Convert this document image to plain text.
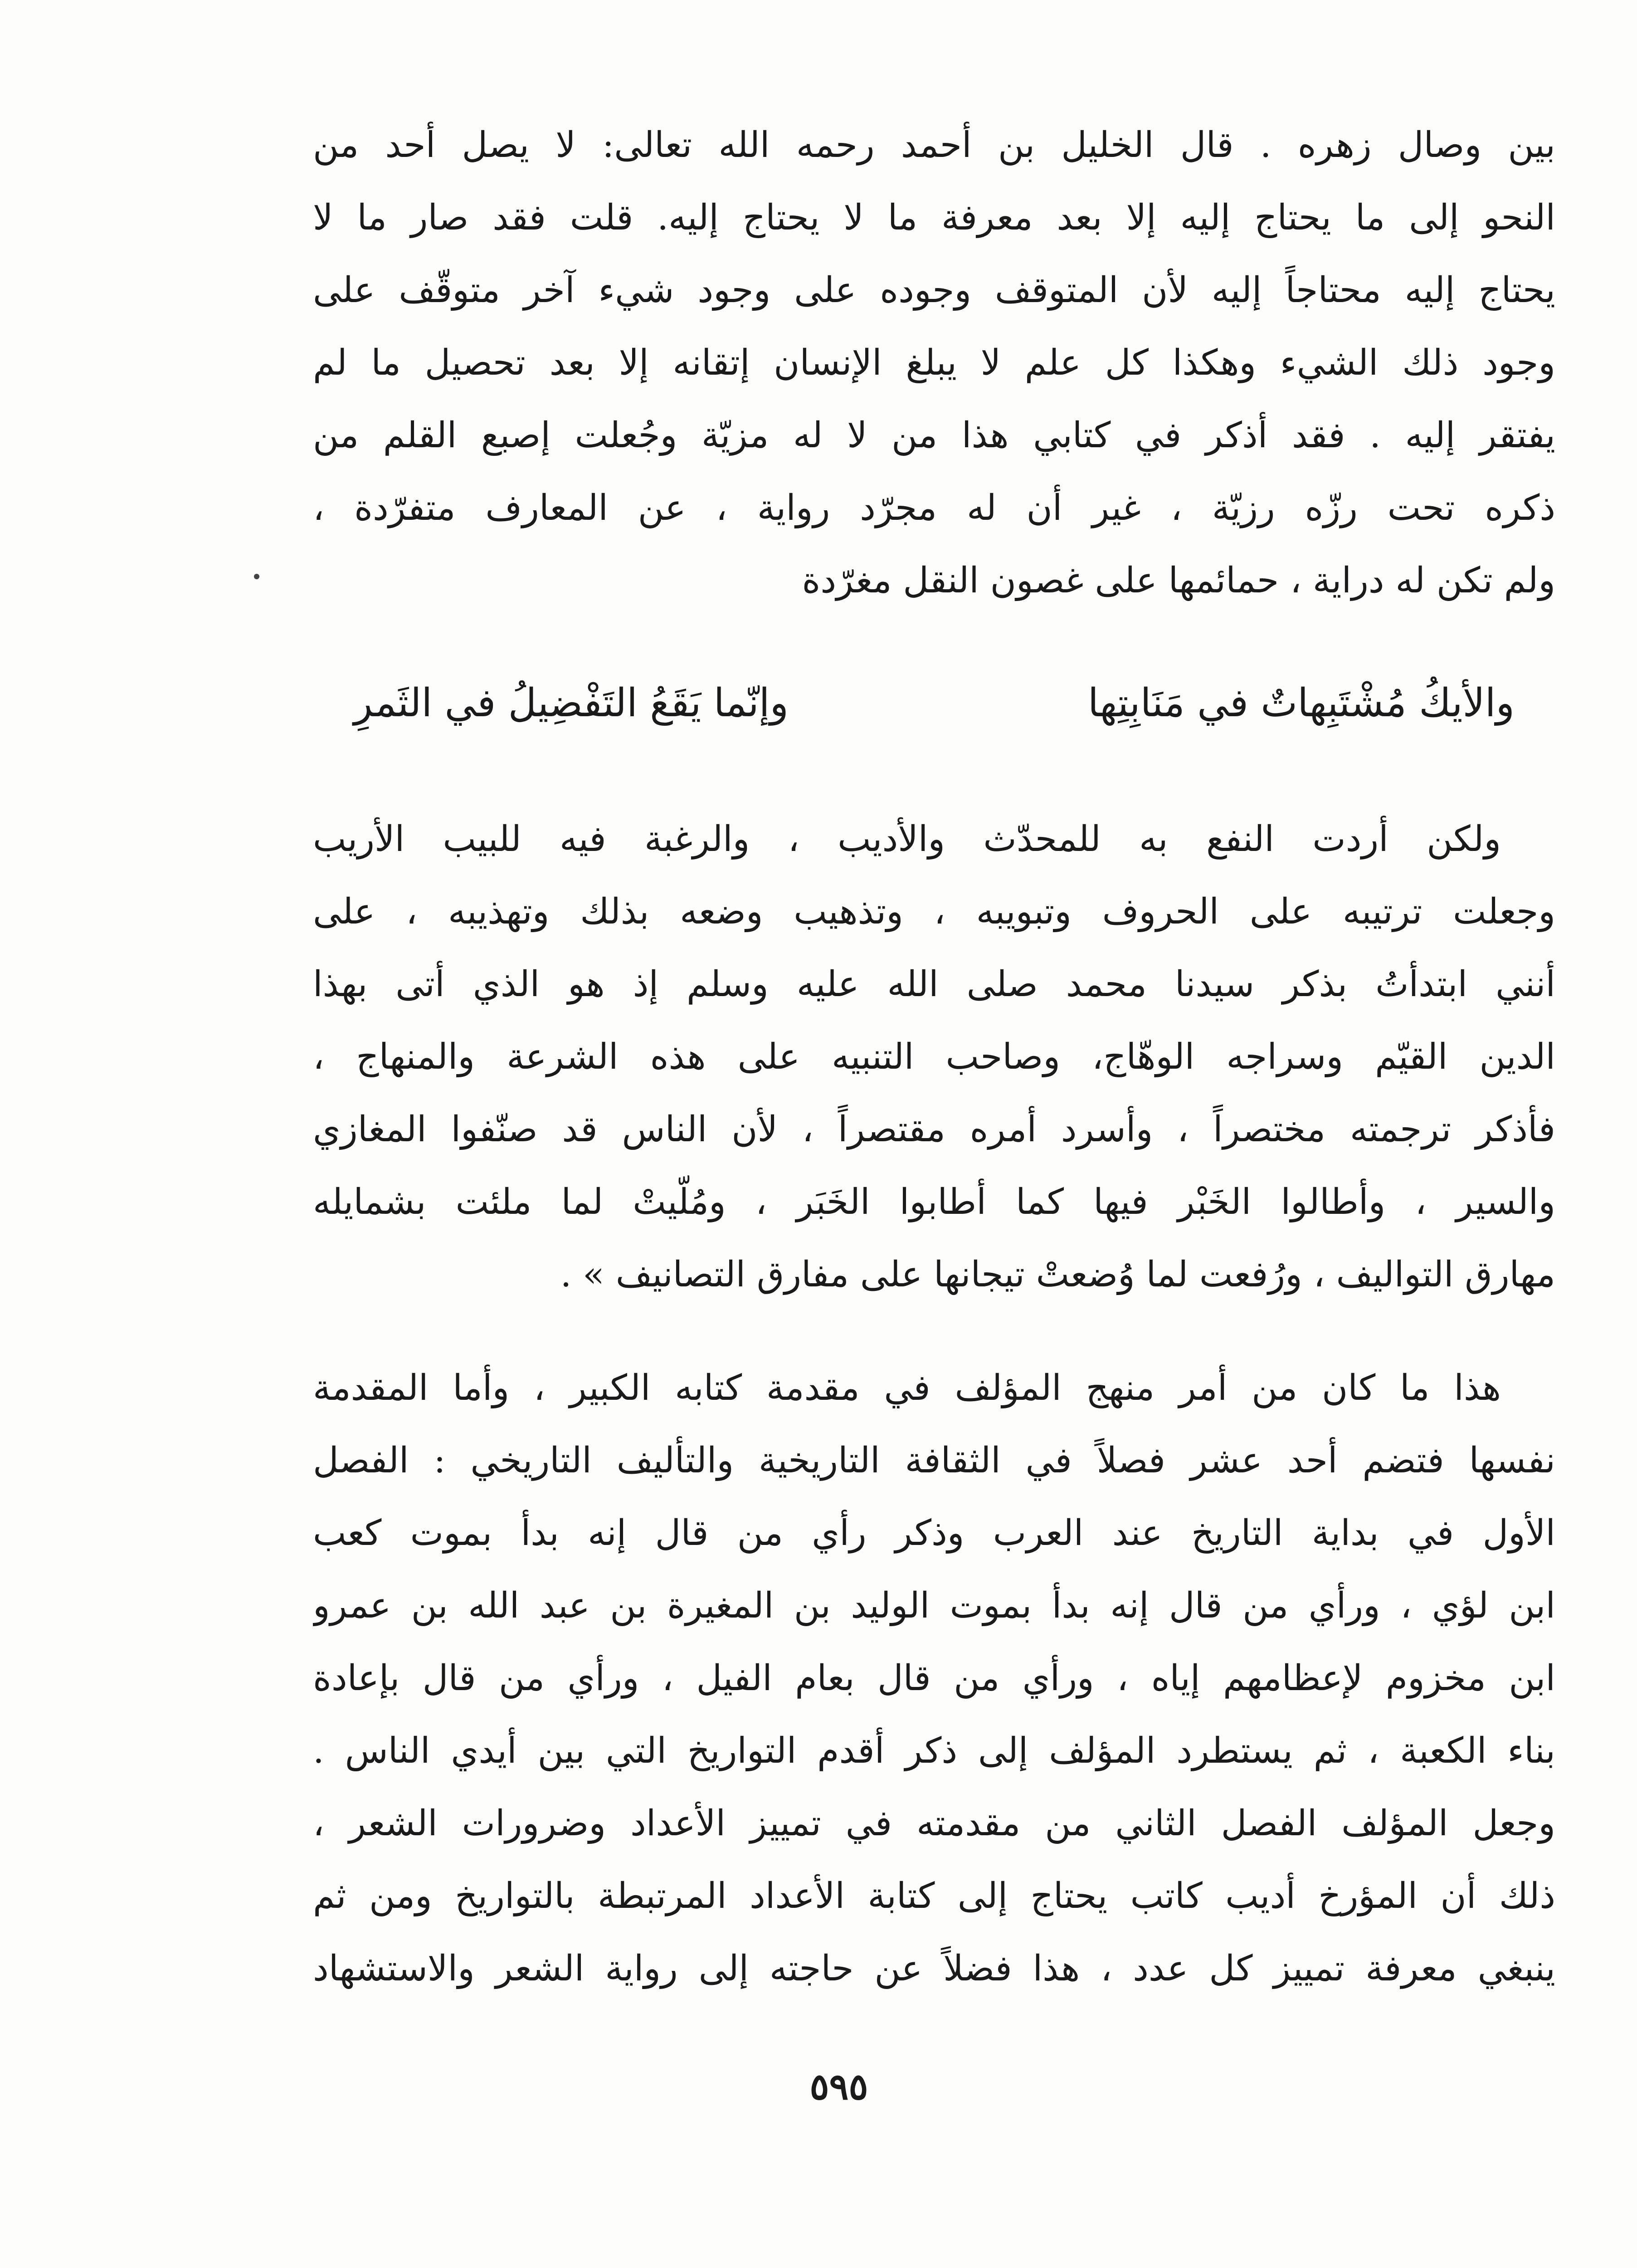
بين وصال زهره . قال الخليل بن أحمد رحمه الله تعالى: لا يصل أحد من
النحو إلى ما يحتاج إليه إلا بعد معرفة ما لا يحتاج إليه. قلت فقد صار ما لا
يحتاج إليه محتاجاً إليه لأن المتوقف وجوده على وجود شيء آخر متوقّف على
وجود ذلك الشيء وهكذا كل علم لا يبلغ الإنسان إتقانه إلا بعد تحصيل ما لم
يفتقر إليه . فقد أذكر في كتابي هذا من لا له مزيّة وجُعلت إصبع القلم من
ذكره تحت رزّه رزيّة ، غير أن له مجرّد رواية ، عن المعارف متفرّدة ،
ولم تكن له دراية ، حمائمها على غصون النقل مغرّدة
والأيكُ مُشْتَبِهاتٌ في مَنَابِتِها
وإنّما يَقَعُ التَفْضِيلُ في الثَمرِ
ولكن أردت النفع به للمحدّث والأديب ، والرغبة فيه للبيب الأريب
وجعلت ترتيبه على الحروف وتبويبه ، وتذهيب وضعه بذلك وتهذيبه ، على
أنني ابتدأتُ بذكر سيدنا محمد صلى الله عليه وسلم إذ هو الذي أتى بهذا
الدين القيّم وسراجه الوهّاج، وصاحب التنبيه على هذه الشرعة والمنهاج ،
فأذكر ترجمته مختصراً ، وأسرد أمره مقتصراً ، لأن الناس قد صنّفوا المغازي
والسير ، وأطالوا الخَبْر فيها كما أطابوا الخَبَر ، ومُلّيتْ لما ملئت بشمايله
مهارق التواليف ، ورُفعت لما وُضعتْ تيجانها على مفارق التصانيف » .
هذا ما كان من أمر منهج المؤلف في مقدمة كتابه الكبير ، وأما المقدمة
نفسها فتضم أحد عشر فصلاً في الثقافة التاريخية والتأليف التاريخي : الفصل
الأول في بداية التاريخ عند العرب وذكر رأي من قال إنه بدأ بموت كعب
ابن لؤي ، ورأي من قال إنه بدأ بموت الوليد بن المغيرة بن عبد الله بن عمرو
ابن مخزوم لإعظامهم إياه ، ورأي من قال بعام الفيل ، ورأي من قال بإعادة
بناء الكعبة ، ثم يستطرد المؤلف إلى ذكر أقدم التواريخ التي بين أيدي الناس .
وجعل المؤلف الفصل الثاني من مقدمته في تمييز الأعداد وضرورات الشعر ،
ذلك أن المؤرخ أديب كاتب يحتاج إلى كتابة الأعداد المرتبطة بالتواريخ ومن ثم
ينبغي معرفة تمييز كل عدد ، هذا فضلاً عن حاجته إلى رواية الشعر والاستشهاد
٥٩٥
